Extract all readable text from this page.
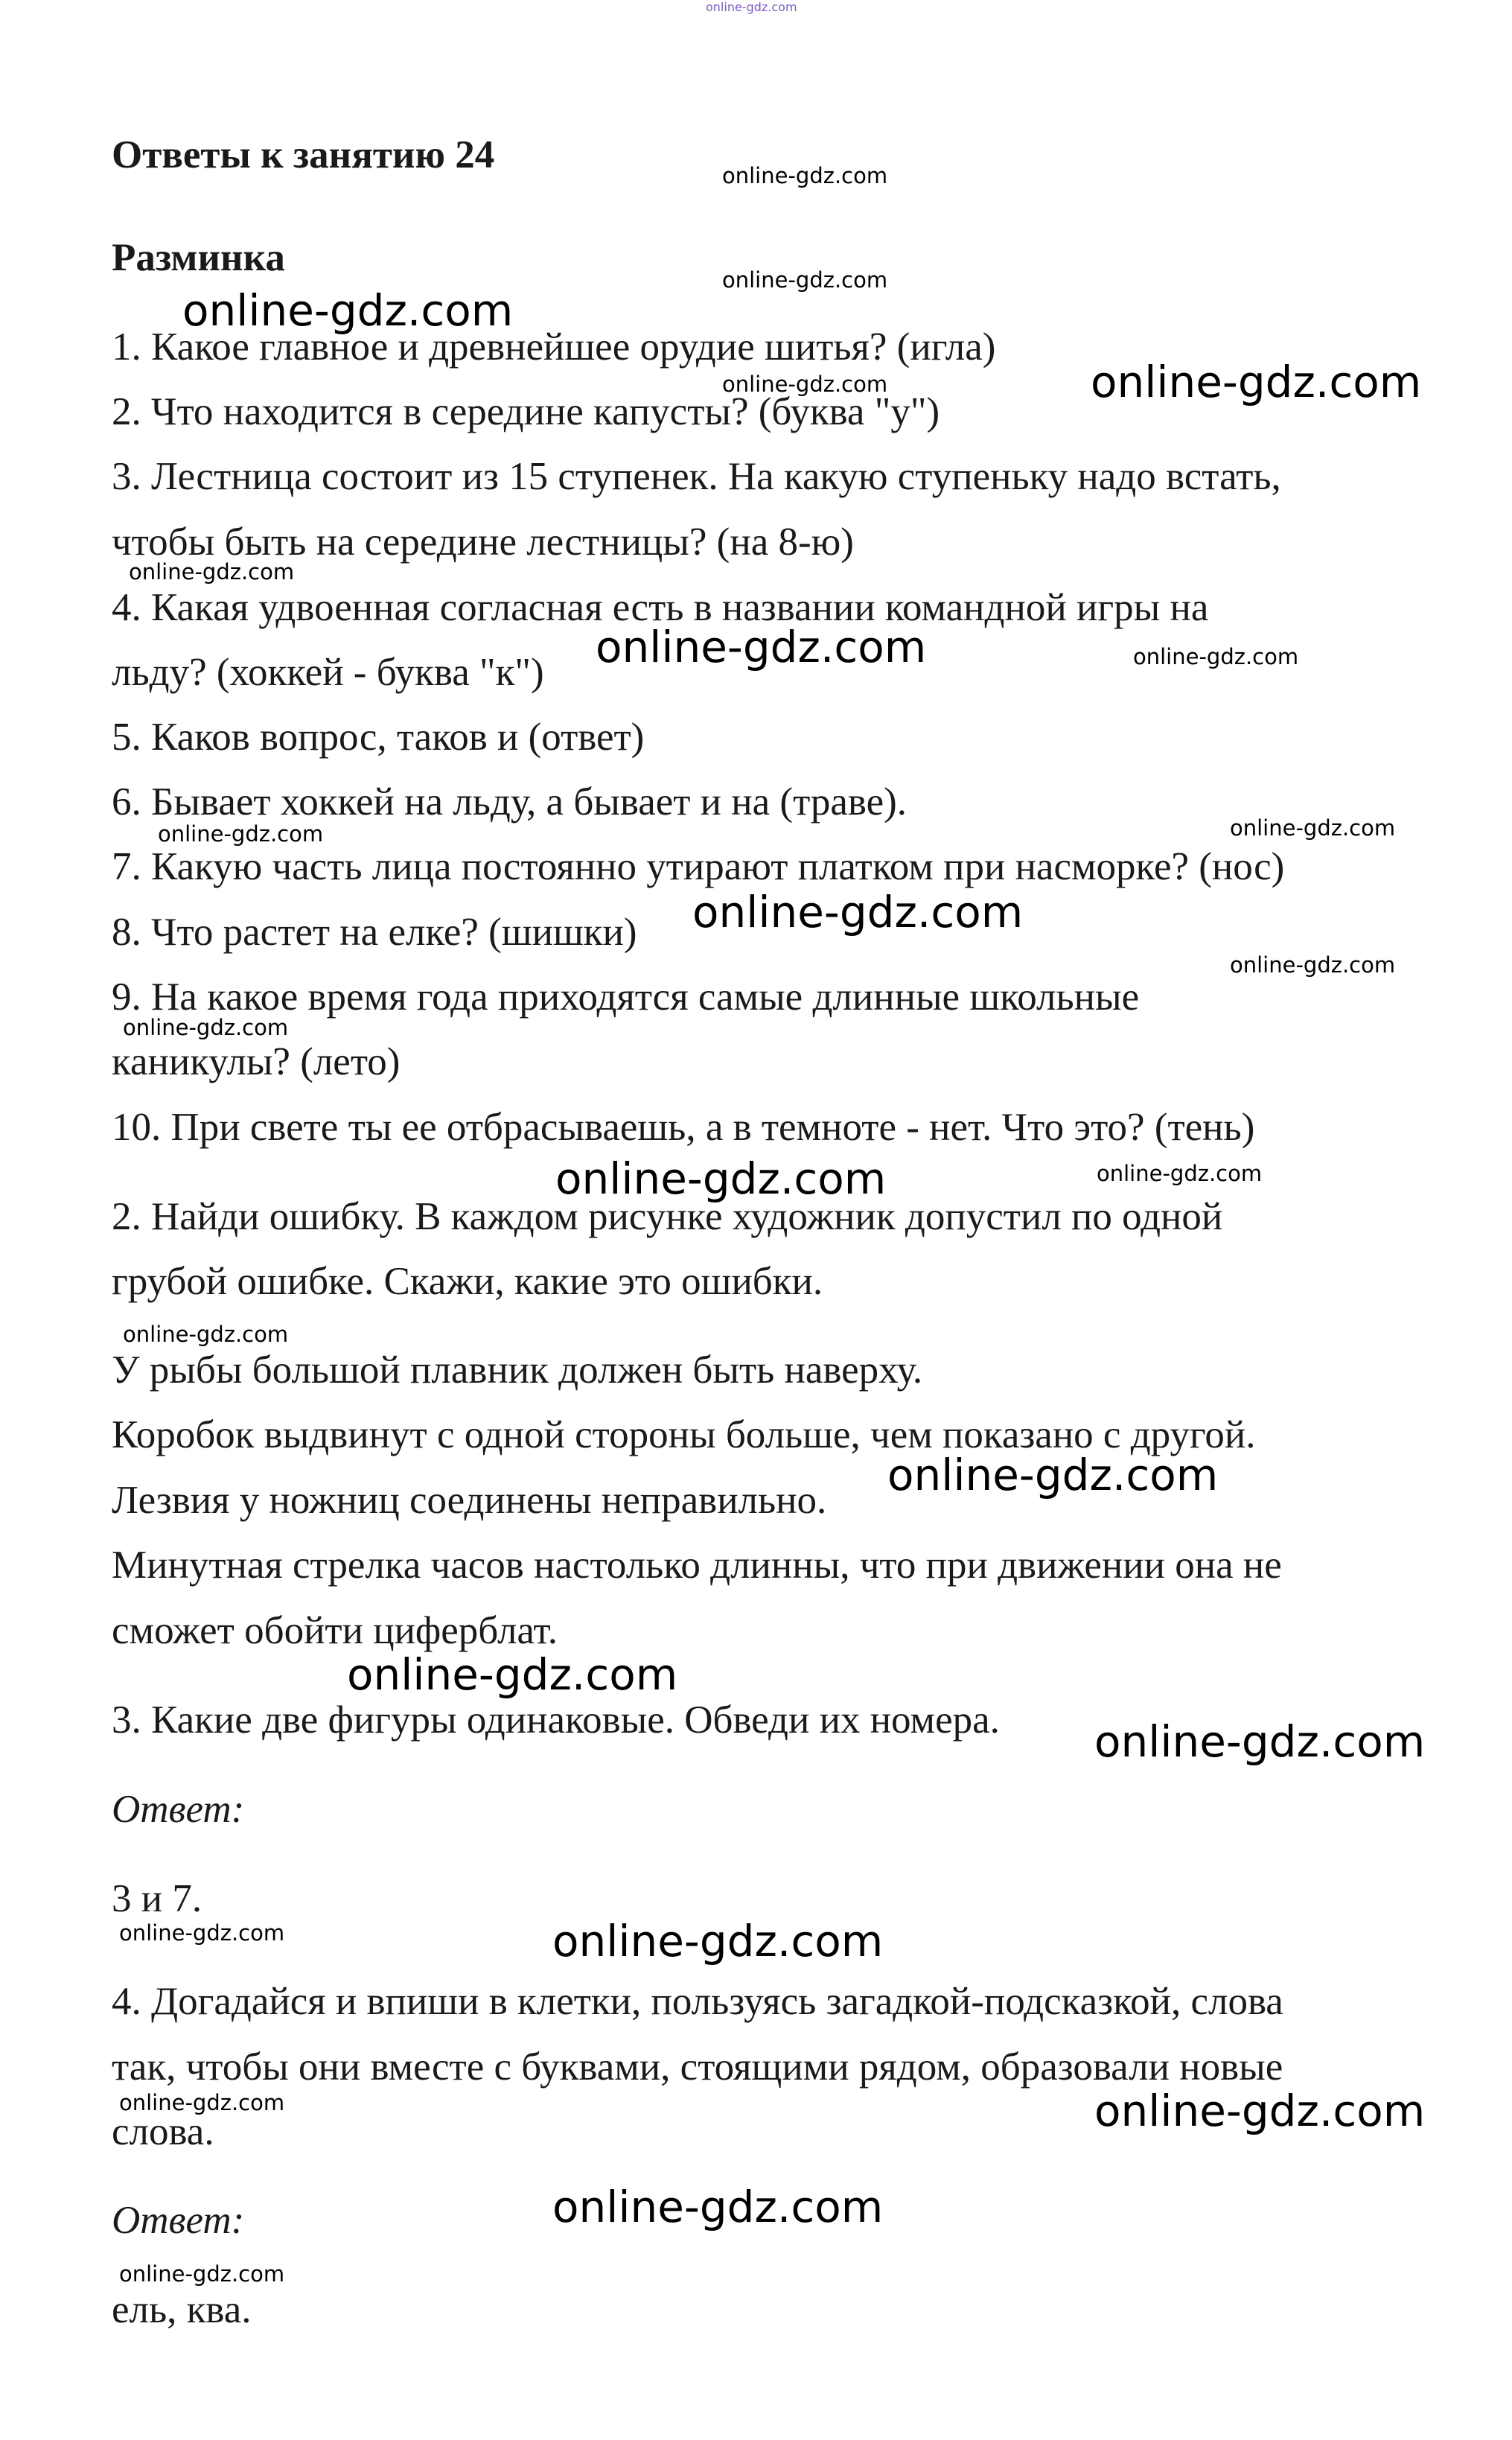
online-gdz.com
Ответы к занятию 24
Разминка

1. Какое главное и древнейшее орудие шитья? (игла)

2. Что находится в середине капусты? (буква "у")

3. Лестница состоит из 15 ступенек. На какую ступеньку надо встать,

чтобы быть на середине лестницы? (на 8-ю)

4. Какая удвоенная согласная есть в названии командной игры на

льду? (хоккей - буква "к")

5. Каков вопрос, таков и (ответ)

6. Бывает хоккей на льду, а бывает и на (траве).

7. Какую часть лица постоянно утирают платком при насморке? (нос)

8. Что растет на елке? (шишки)

9. На какое время года приходятся самые длинные школьные

каникулы? (лето)

10. При свете ты ее отбрасываешь, а в темноте - нет. Что это? (тень)

2. Найди ошибку. В каждом рисунке художник допустил по одной

грубой ошибке. Скажи, какие это ошибки.

У рыбы большой плавник должен быть наверху.

Коробок выдвинут с одной стороны больше, чем показано с другой.

Лезвия у ножниц соединены неправильно.

Минутная стрелка часов настолько длинны, что при движении она не

сможет обойти циферблат.

3. Какие две фигуры одинаковые. Обведи их номера.

Ответ:

3 и 7.

4. Догадайся и впиши в клетки, пользуясь загадкой-подсказкой, слова

так, чтобы они вместе с буквами, стоящими рядом, образовали новые

слова.

Ответ:

ель, ква.

online-gdz.com
online-gdz.com
online-gdz.com
online-gdz.com	online-gdz.com
online-gdz.com
online-gdz.com	online-gdz.com
online-gdz.com
online-gdz.com
online-gdz.com
online-gdz.com
online-gdz.com
online-gdz.com
online-gdz.com
online-gdz.com
online-gdz.com
online-gdz.com
online-gdz.com
online-gdz.com	online-gdz.com
online-gdz.com	online-gdz.com
online-gdz.com
online-gdz.com
